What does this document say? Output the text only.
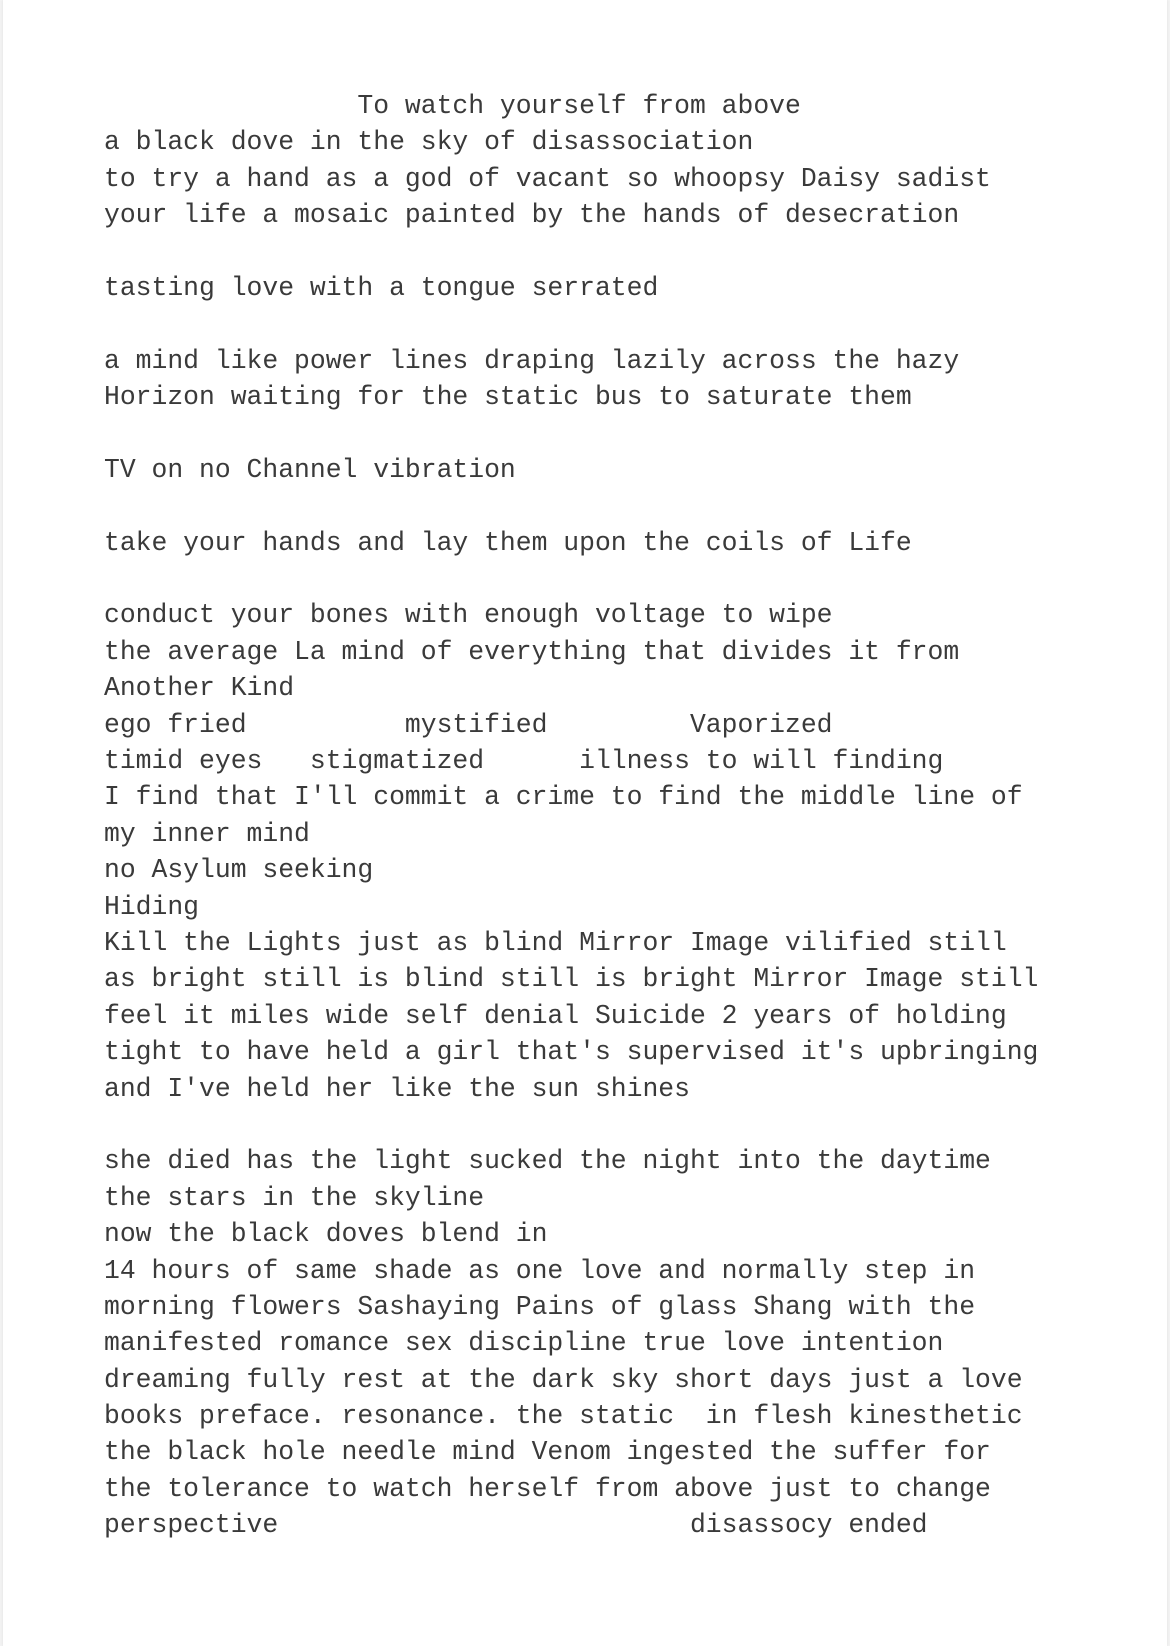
To watch yourself from above
a black dove in the sky of disassociation
to try a hand as a god of vacant so whoopsy Daisy sadist
your life a mosaic painted by the hands of desecration
tasting love with a tongue serrated
a mind like power lines draping lazily across the hazy
Horizon waiting for the static bus to saturate them
TV on no Channel vibration
take your hands and lay them upon the coils of Life
conduct your bones with enough voltage to wipe
the average La mind of everything that divides it from
Another Kind
ego fried          mystified         Vaporized
timid eyes   stigmatized      illness to will finding
I find that I'll commit a crime to find the middle line of
my inner mind
no Asylum seeking
Hiding
Kill the Lights just as blind Mirror Image vilified still
as bright still is blind still is bright Mirror Image still
feel it miles wide self denial Suicide 2 years of holding
tight to have held a girl that's supervised it's upbringing
and I've held her like the sun shines
she died has the light sucked the night into the daytime
the stars in the skyline
now the black doves blend in
14 hours of same shade as one love and normally step in
morning flowers Sashaying Pains of glass Shang with the
manifested romance sex discipline true love intention
dreaming fully rest at the dark sky short days just a love
books preface. resonance. the static  in flesh kinesthetic
the black hole needle mind Venom ingested the suffer for
the tolerance to watch herself from above just to change
perspective                          disassocy ended
